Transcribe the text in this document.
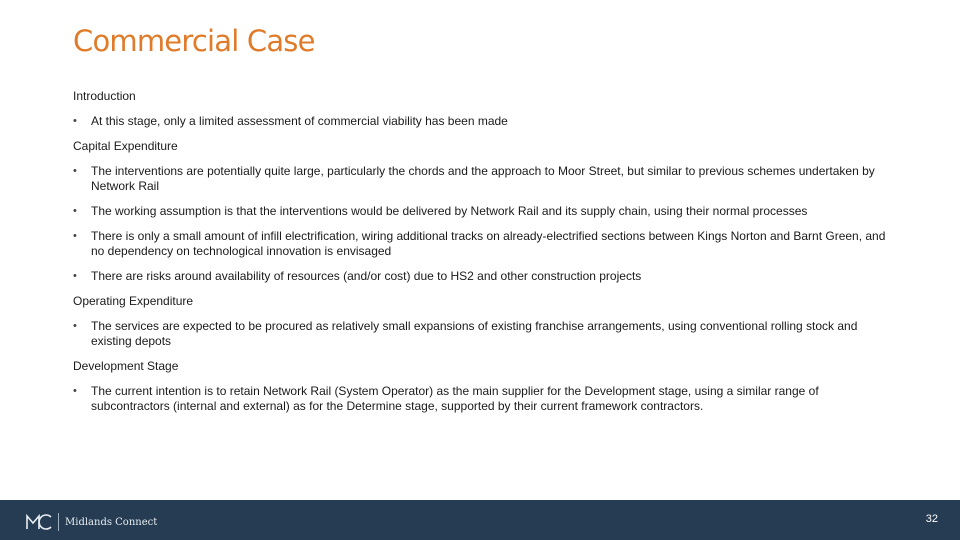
Commercial Case

Introduction

• At this stage, only a limited assessment of commercial viability has been made

Capital Expenditure

• The interventions are potentially quite large, particularly the chords and the approach to Moor Street, but similar to previous schemes undertaken by Network Rail

• The working assumption is that the interventions would be delivered by Network Rail and its supply chain, using their normal processes

• There is only a small amount of infill electrification, wiring additional tracks on already-electrified sections between Kings Norton and Barnt Green, and no dependency on technological innovation is envisaged

• There are risks around availability of resources (and/or cost) due to HS2 and other construction projects

Operating Expenditure

• The services are expected to be procured as relatively small expansions of existing franchise arrangements, using conventional rolling stock and existing depots

Development Stage

• The current intention is to retain Network Rail (System Operator) as the main supplier for the Development stage, using a similar range of subcontractors (internal and external) as for the Determine stage, supported by their current framework contractors.

Midlands Connect	32
